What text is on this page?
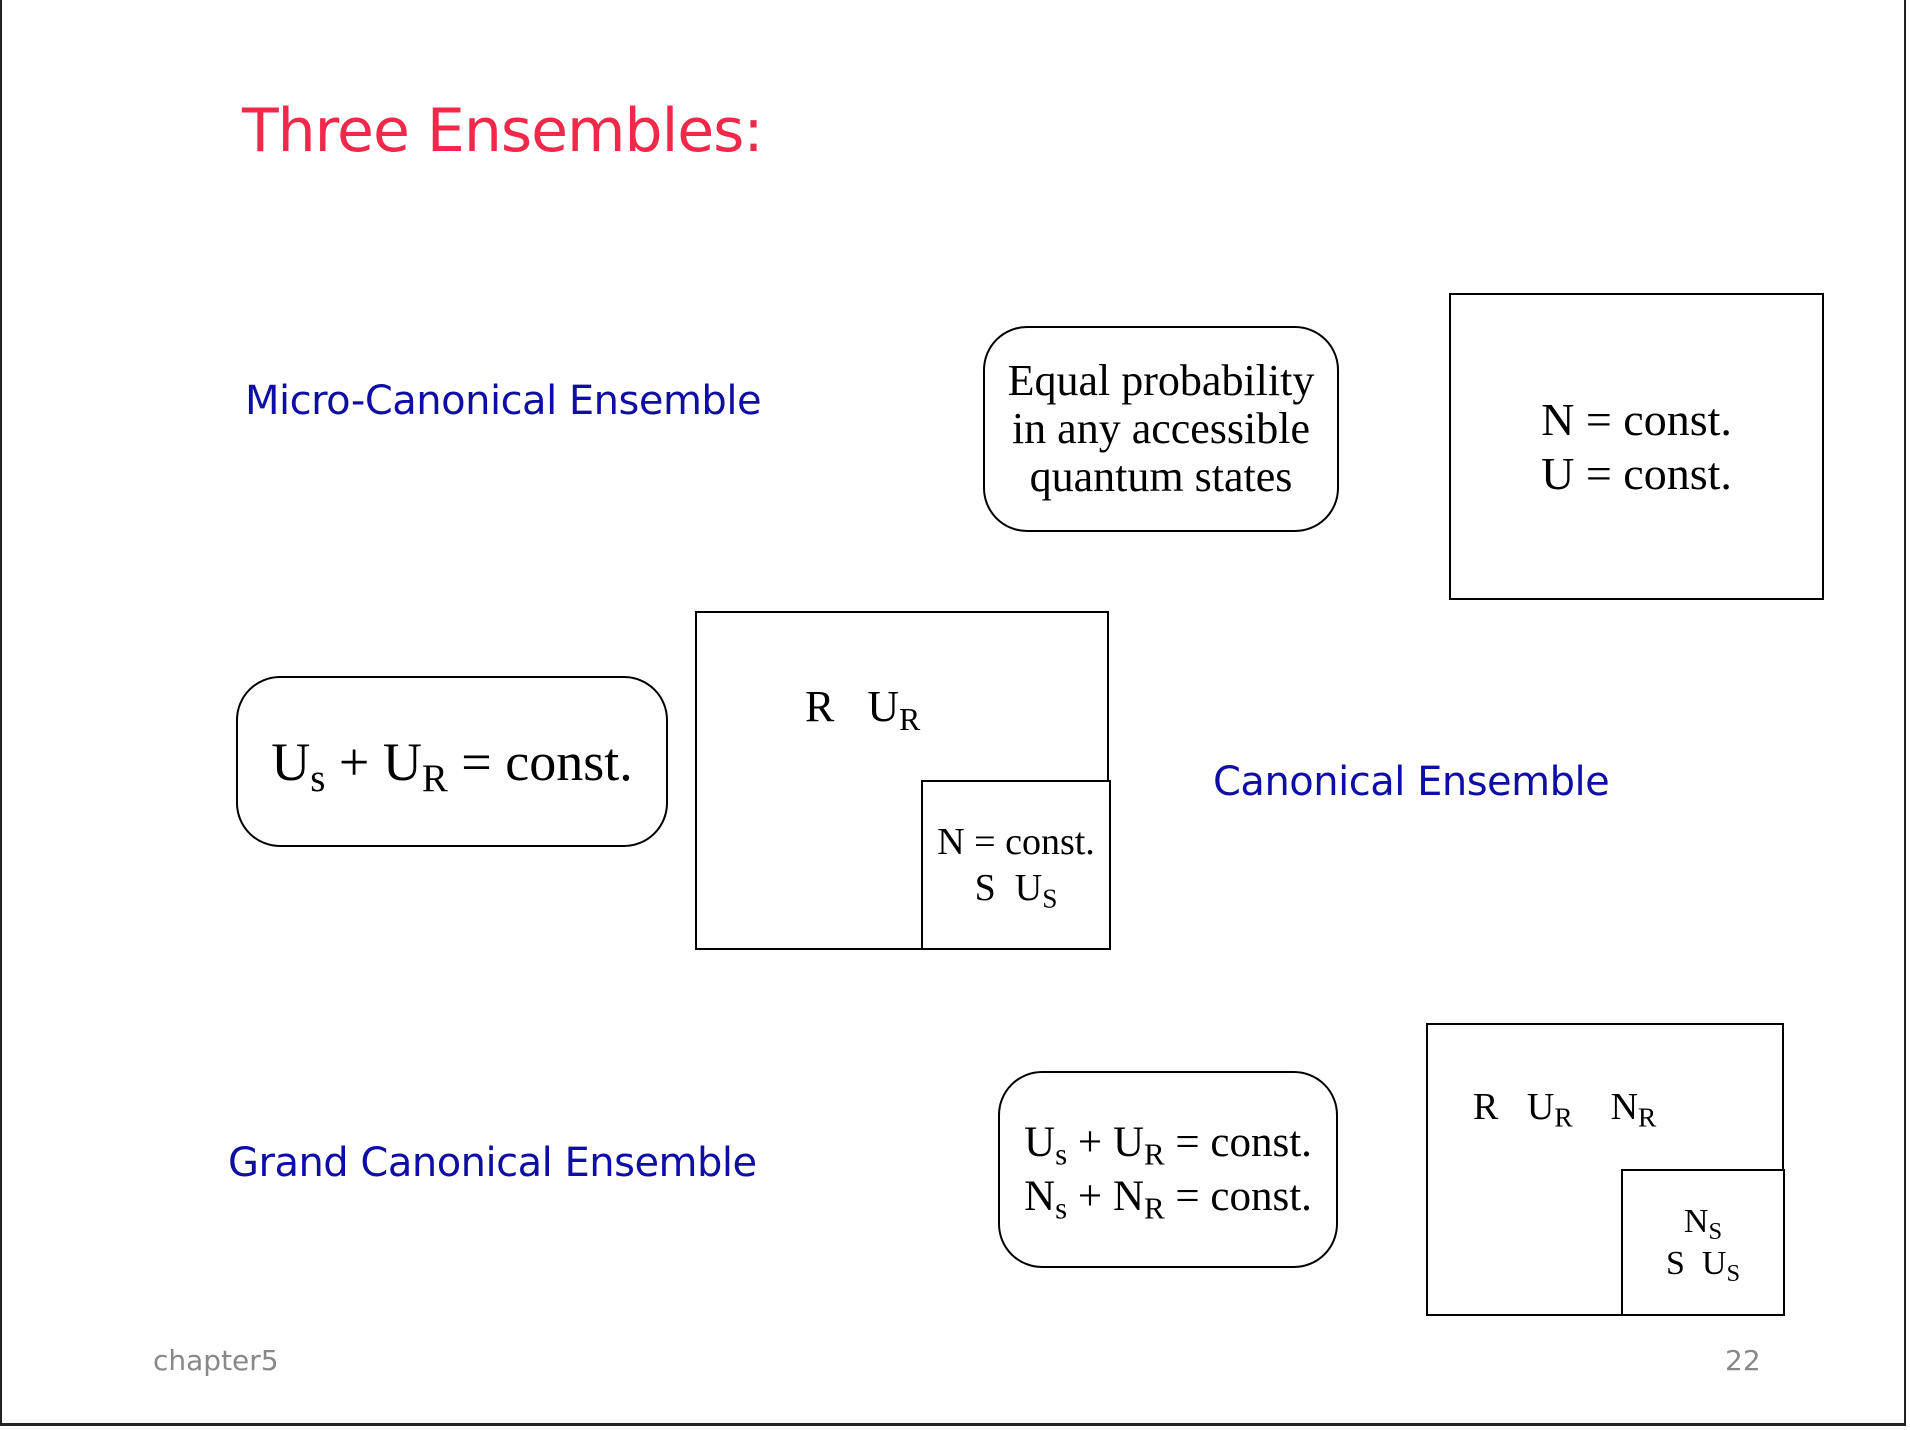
Three Ensembles:
Micro-Canonical Ensemble	Equal probability
in any accessible
quantum states
N = const.
U = const.
$U_s + U_R$ = const.
R $U_R$
N = const.
S $U_S$
Canonical Ensemble
Grand Canonical Ensemble	$U_s + U_R$ = const.
$N_s + N_R$ = const.
R $U_R$ $N_R$
$N_S$
S $U_S$
chapter5	22
